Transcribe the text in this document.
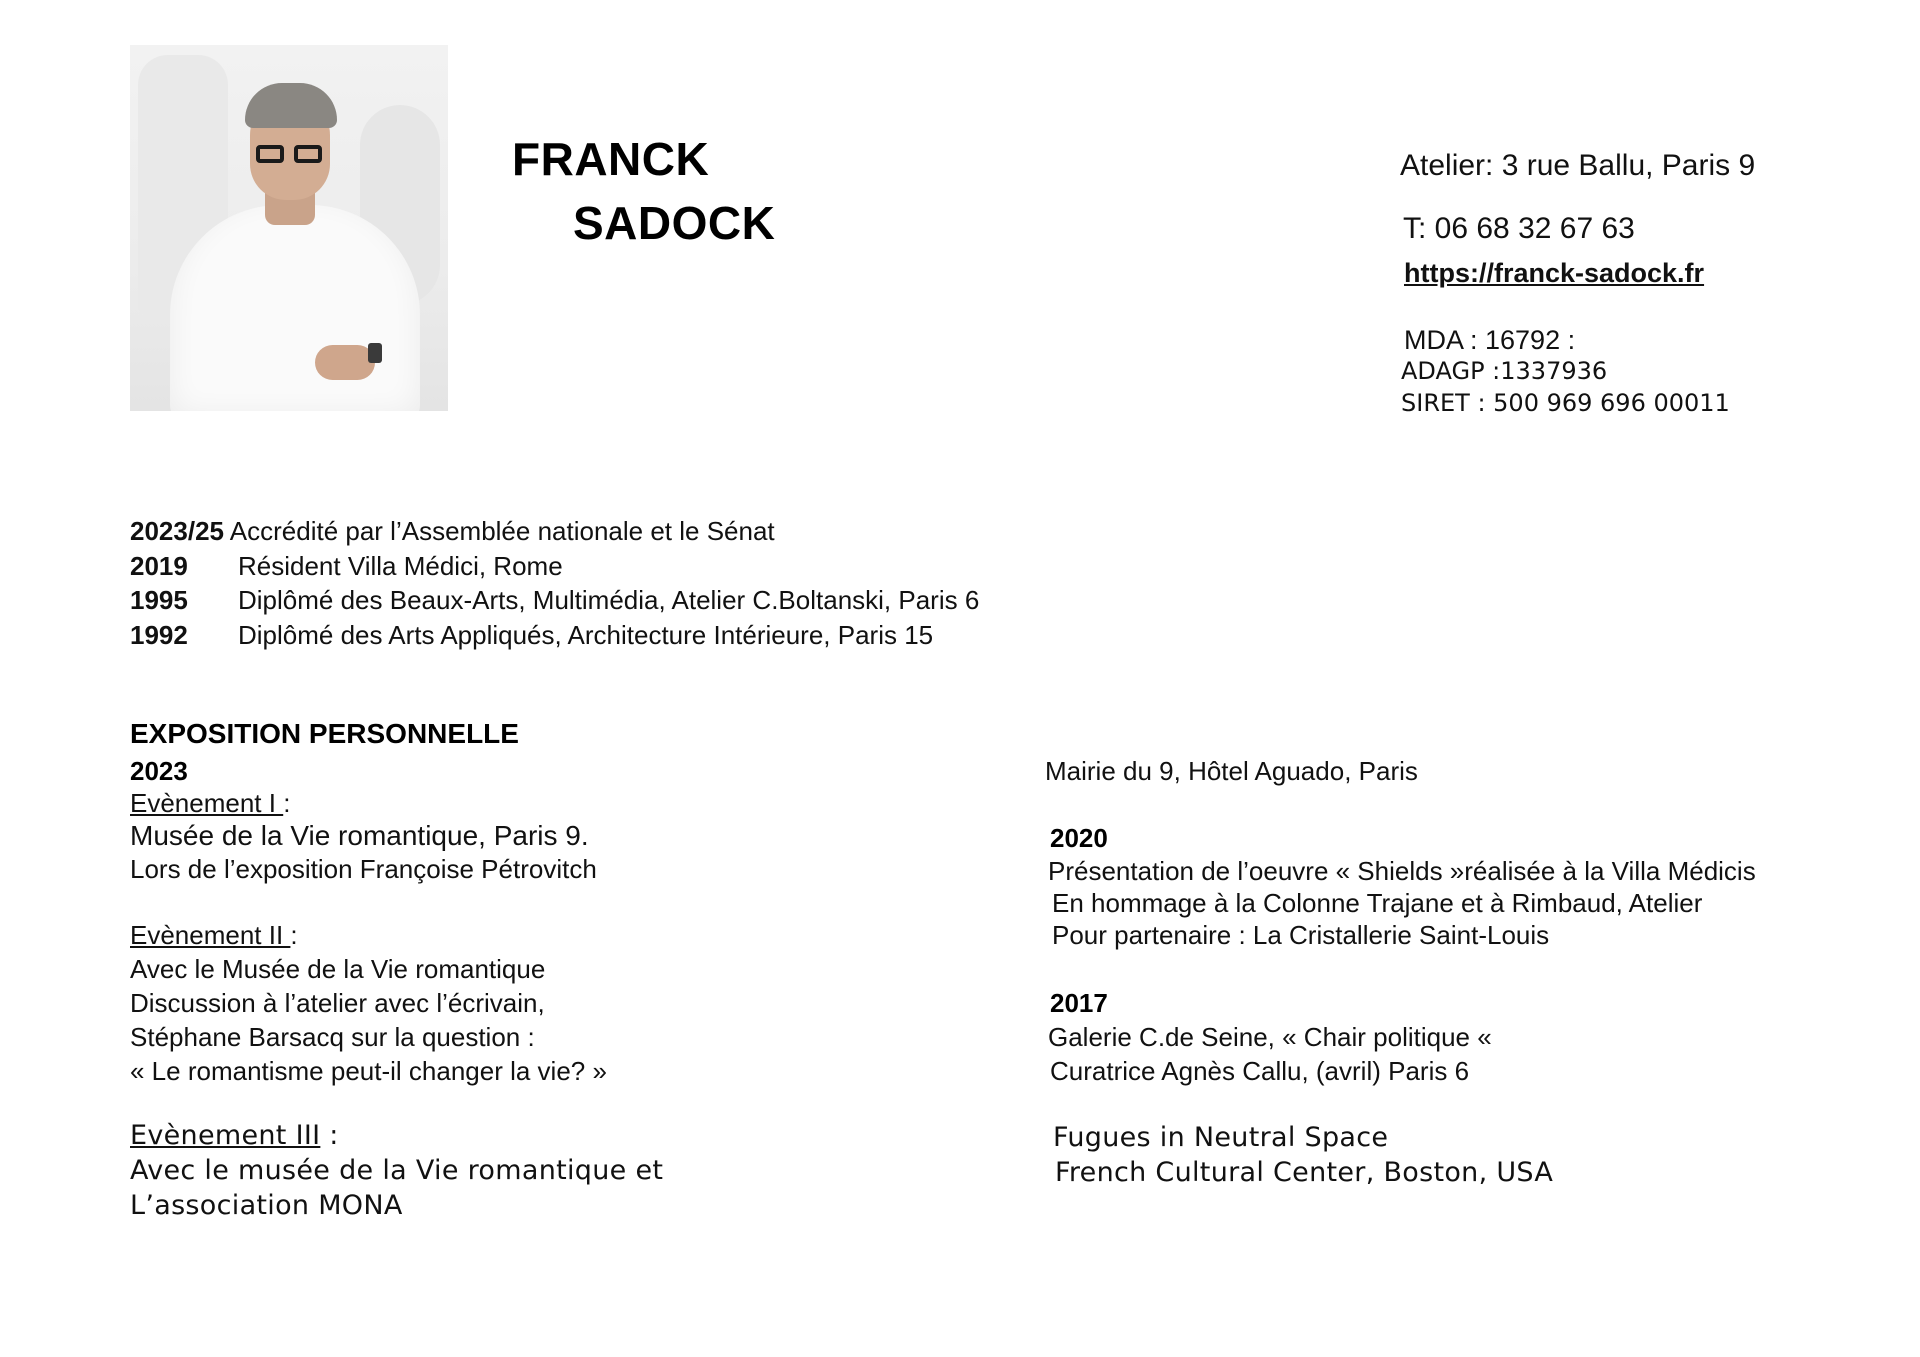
FRANCK
SADOCK
Atelier: 3 rue Ballu, Paris 9
T: 06 68 32 67 63
https://franck-sadock.fr
MDA : 16792 :
ADAGP :1337936
SIRET : 500 969 696 00011
2023/25 Accrédité par l’Assemblée nationale et le Sénat
2019 Résident Villa Médici, Rome
1995 Diplômé des Beaux-Arts, Multimédia, Atelier C.Boltanski, Paris 6
1992 Diplômé des Arts Appliqués, Architecture Intérieure, Paris 15
EXPOSITION PERSONNELLE
2023
Evènement I :
Musée de la Vie romantique, Paris 9.
Lors de l’exposition Françoise Pétrovitch
Evènement II :
Avec le Musée de la Vie romantique
Discussion à l’atelier avec l’écrivain,
Stéphane Barsacq sur la question :
« Le romantisme peut-il changer la vie? »
Evènement III :
Avec le musée de la Vie romantique et
L’association MONA
Mairie du 9, Hôtel Aguado, Paris
2020
Présentation de l’oeuvre « Shields »réalisée à la Villa Médicis
En hommage à la Colonne Trajane et à Rimbaud, Atelier
Pour partenaire : La Cristallerie Saint-Louis
2017
Galerie C.de Seine, « Chair politique «
Curatrice Agnès Callu, (avril) Paris 6
Fugues in Neutral Space
French Cultural Center, Boston, USA
